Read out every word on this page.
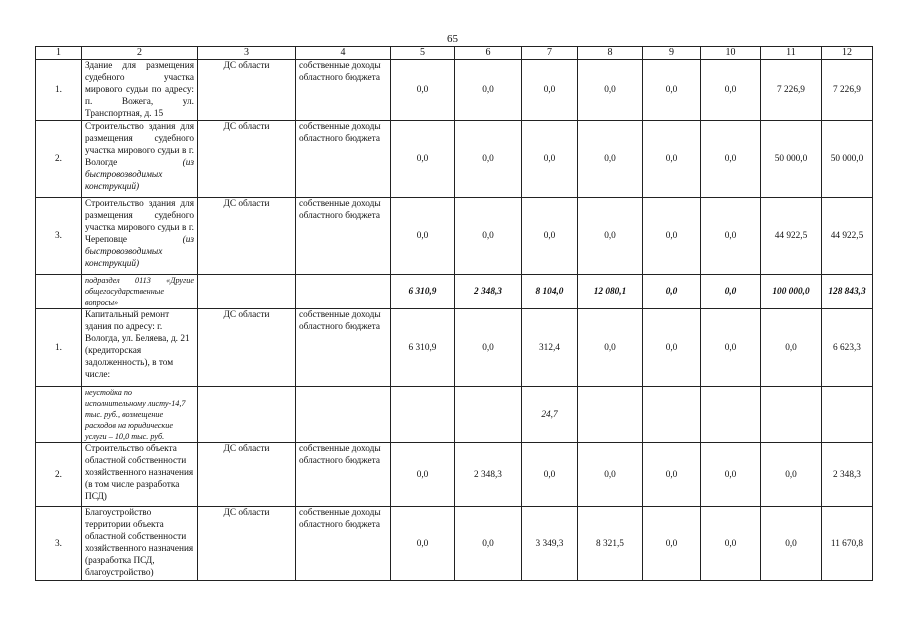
65
1	2	3	4	5	6	7	8	9	10	11	12
1.	Здание для размещения судебного участка мирового судьи по адресу: п. Вожега, ул. Транспортная, д. 15	ДС области	собственные доходы областного бюджета	0,0	0,0	0,0	0,0	0,0	0,0	7 226,9	7 226,9
2.	Строительство здания для размещения судебного участка мирового судьи в г. Вологде (из быстровозводимых конструкций)	ДС области	собственные доходы областного бюджета	0,0	0,0	0,0	0,0	0,0	0,0	50 000,0	50 000,0
3.	Строительство здания для размещения судебного участка мирового судьи в г. Череповце (из быстровозводимых конструкций)	ДС области	собственные доходы областного бюджета	0,0	0,0	0,0	0,0	0,0	0,0	44 922,5	44 922,5
	подраздел 0113 «Другие общегосударственные вопросы»			6 310,9	2 348,3	8 104,0	12 080,1	0,0	0,0	100 000,0	128 843,3
1.	Капитальный ремонт здания по адресу: г. Вологда, ул. Беляева, д. 21 (кредиторская задолженность), в том числе:	ДС области	собственные доходы областного бюджета	6 310,9	0,0	312,4	0,0	0,0	0,0	0,0	6 623,3
	неустойка по исполнительному листу-14,7 тыс. руб., возмещение расходов на юридические услуги – 10,0 тыс. руб.					24,7					
2.	Строительство объекта областной собственности хозяйственного назначения (в том числе разработка ПСД)	ДС области	собственные доходы областного бюджета	0,0	2 348,3	0,0	0,0	0,0	0,0	0,0	2 348,3
3.	Благоустройство территории объекта областной собственности хозяйственного назначения (разработка ПСД, благоустройство)	ДС области	собственные доходы областного бюджета	0,0	0,0	3 349,3	8 321,5	0,0	0,0	0,0	11 670,8
